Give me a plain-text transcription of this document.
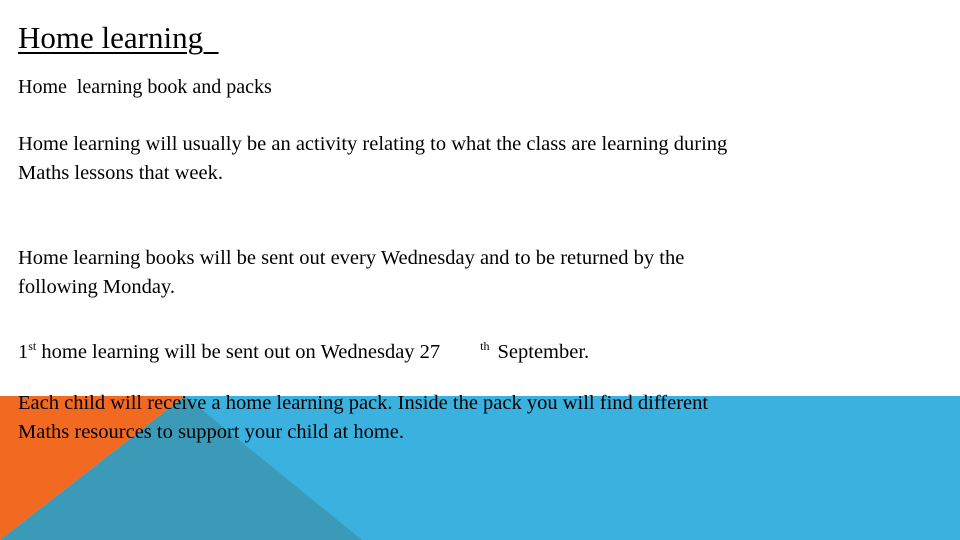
Home learning
Home  learning book and packs

Home learning will usually be an activity relating to what the class are learning during
Maths lessons that week.

Home learning books will be sent out every Wednesday and to be returned by the
following Monday.

1st home learning will be sent out on Wednesday 27	$^{th}$ September.

Each child will receive a home learning pack. Inside the pack you will find different
Maths resources to support your child at home.
